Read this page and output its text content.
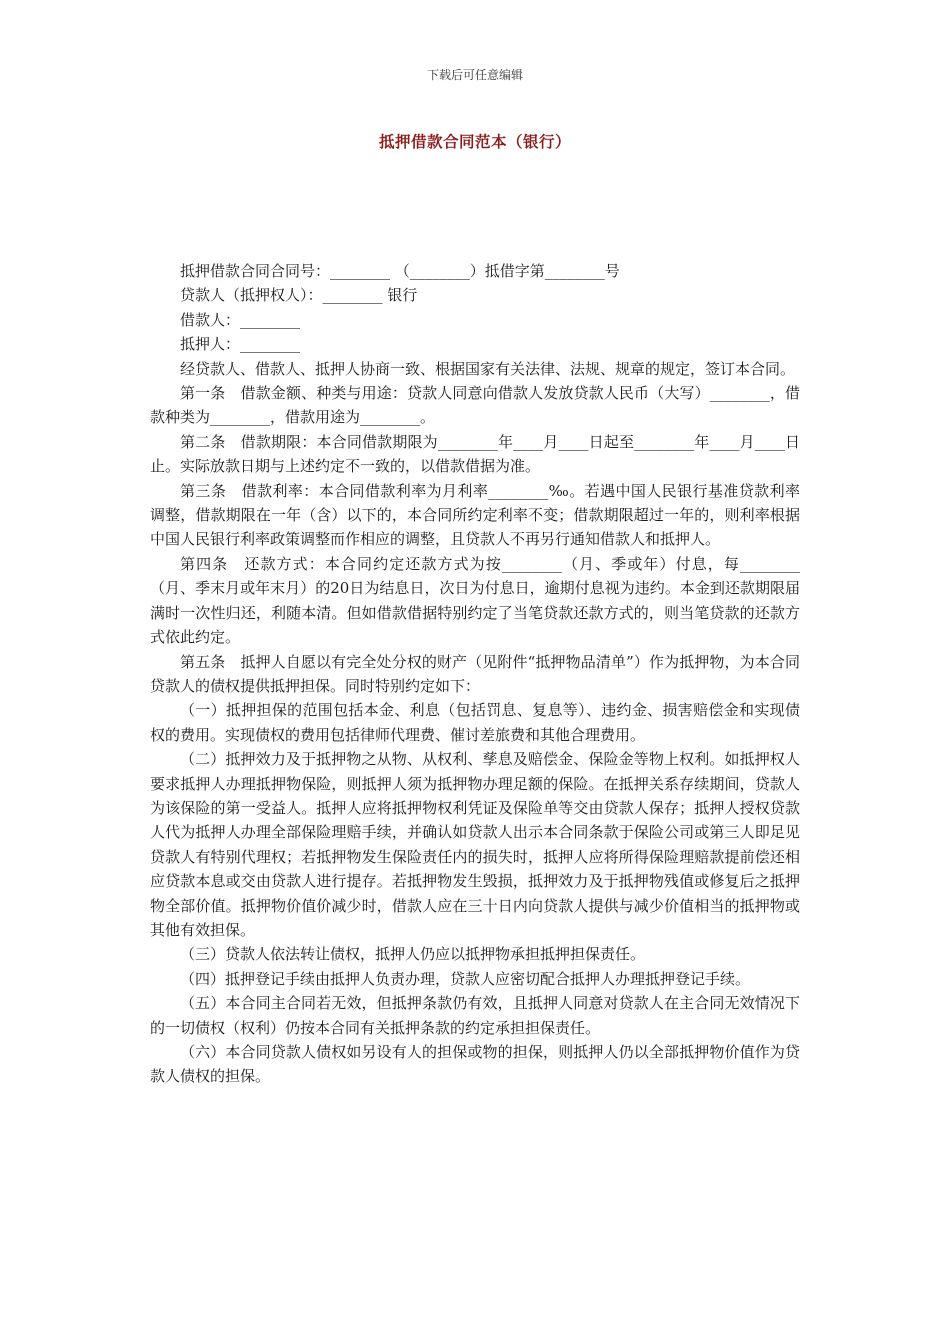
下载后可任意编辑
抵押借款合同范本（银行）

抵押借款合同合同号：________ （________）抵借字第________号

贷款人（抵押权人）：________ 银行

借款人：________

抵押人：________

经贷款人、借款人、抵押人协商一致、根据国家有关法律、法规、规章的规定，签订本合同。

第一条　借款金额、种类与用途：贷款人同意向借款人发放贷款人民币（大写）________，借款种类为________，借款用途为________。

第二条　借款期限：本合同借款期限为________年____月____日起至________年____月____日止。实际放款日期与上述约定不一致的，以借款借据为准。

第三条　借款利率：本合同借款利率为月利率________‰。若遇中国人民银行基准贷款利率调整，借款期限在一年（含）以下的，本合同所约定利率不变；借款期限超过一年的，则利率根据中国人民银行利率政策调整而作相应的调整，且贷款人不再另行通知借款人和抵押人。

第四条　还款方式：本合同约定还款方式为按________（月、季或年）付息，每________（月、季末月或年末月）的20日为结息日，次日为付息日，逾期付息视为违约。本金到还款期限届满时一次性归还，利随本清。但如借款借据特别约定了当笔贷款还款方式的，则当笔贷款的还款方式依此约定。

第五条　抵押人自愿以有完全处分权的财产（见附件“抵押物品清单”）作为抵押物，为本合同贷款人的债权提供抵押担保。同时特别约定如下：

（一）抵押担保的范围包括本金、利息（包括罚息、复息等）、违约金、损害赔偿金和实现债权的费用。实现债权的费用包括律师代理费、催讨差旅费和其他合理费用。

（二）抵押效力及于抵押物之从物、从权利、孳息及赔偿金、保险金等物上权利。如抵押权人要求抵押人办理抵押物保险，则抵押人须为抵押物办理足额的保险。在抵押关系存续期间，贷款人为该保险的第一受益人。抵押人应将抵押物权利凭证及保险单等交由贷款人保存；抵押人授权贷款人代为抵押人办理全部保险理赔手续，并确认如贷款人出示本合同条款于保险公司或第三人即足见贷款人有特别代理权；若抵押物发生保险责任内的损失时，抵押人应将所得保险理赔款提前偿还相应贷款本息或交由贷款人进行提存。若抵押物发生毁损，抵押效力及于抵押物残值或修复后之抵押物全部价值。抵押物价值价减少时，借款人应在三十日内向贷款人提供与减少价值相当的抵押物或其他有效担保。

（三）贷款人依法转让债权，抵押人仍应以抵押物承担抵押担保责任。

（四）抵押登记手续由抵押人负责办理，贷款人应密切配合抵押人办理抵押登记手续。

（五）本合同主合同若无效，但抵押条款仍有效，且抵押人同意对贷款人在主合同无效情况下的一切债权（权利）仍按本合同有关抵押条款的约定承担担保责任。

（六）本合同贷款人债权如另设有人的担保或物的担保，则抵押人仍以全部抵押物价值作为贷款人债权的担保。
